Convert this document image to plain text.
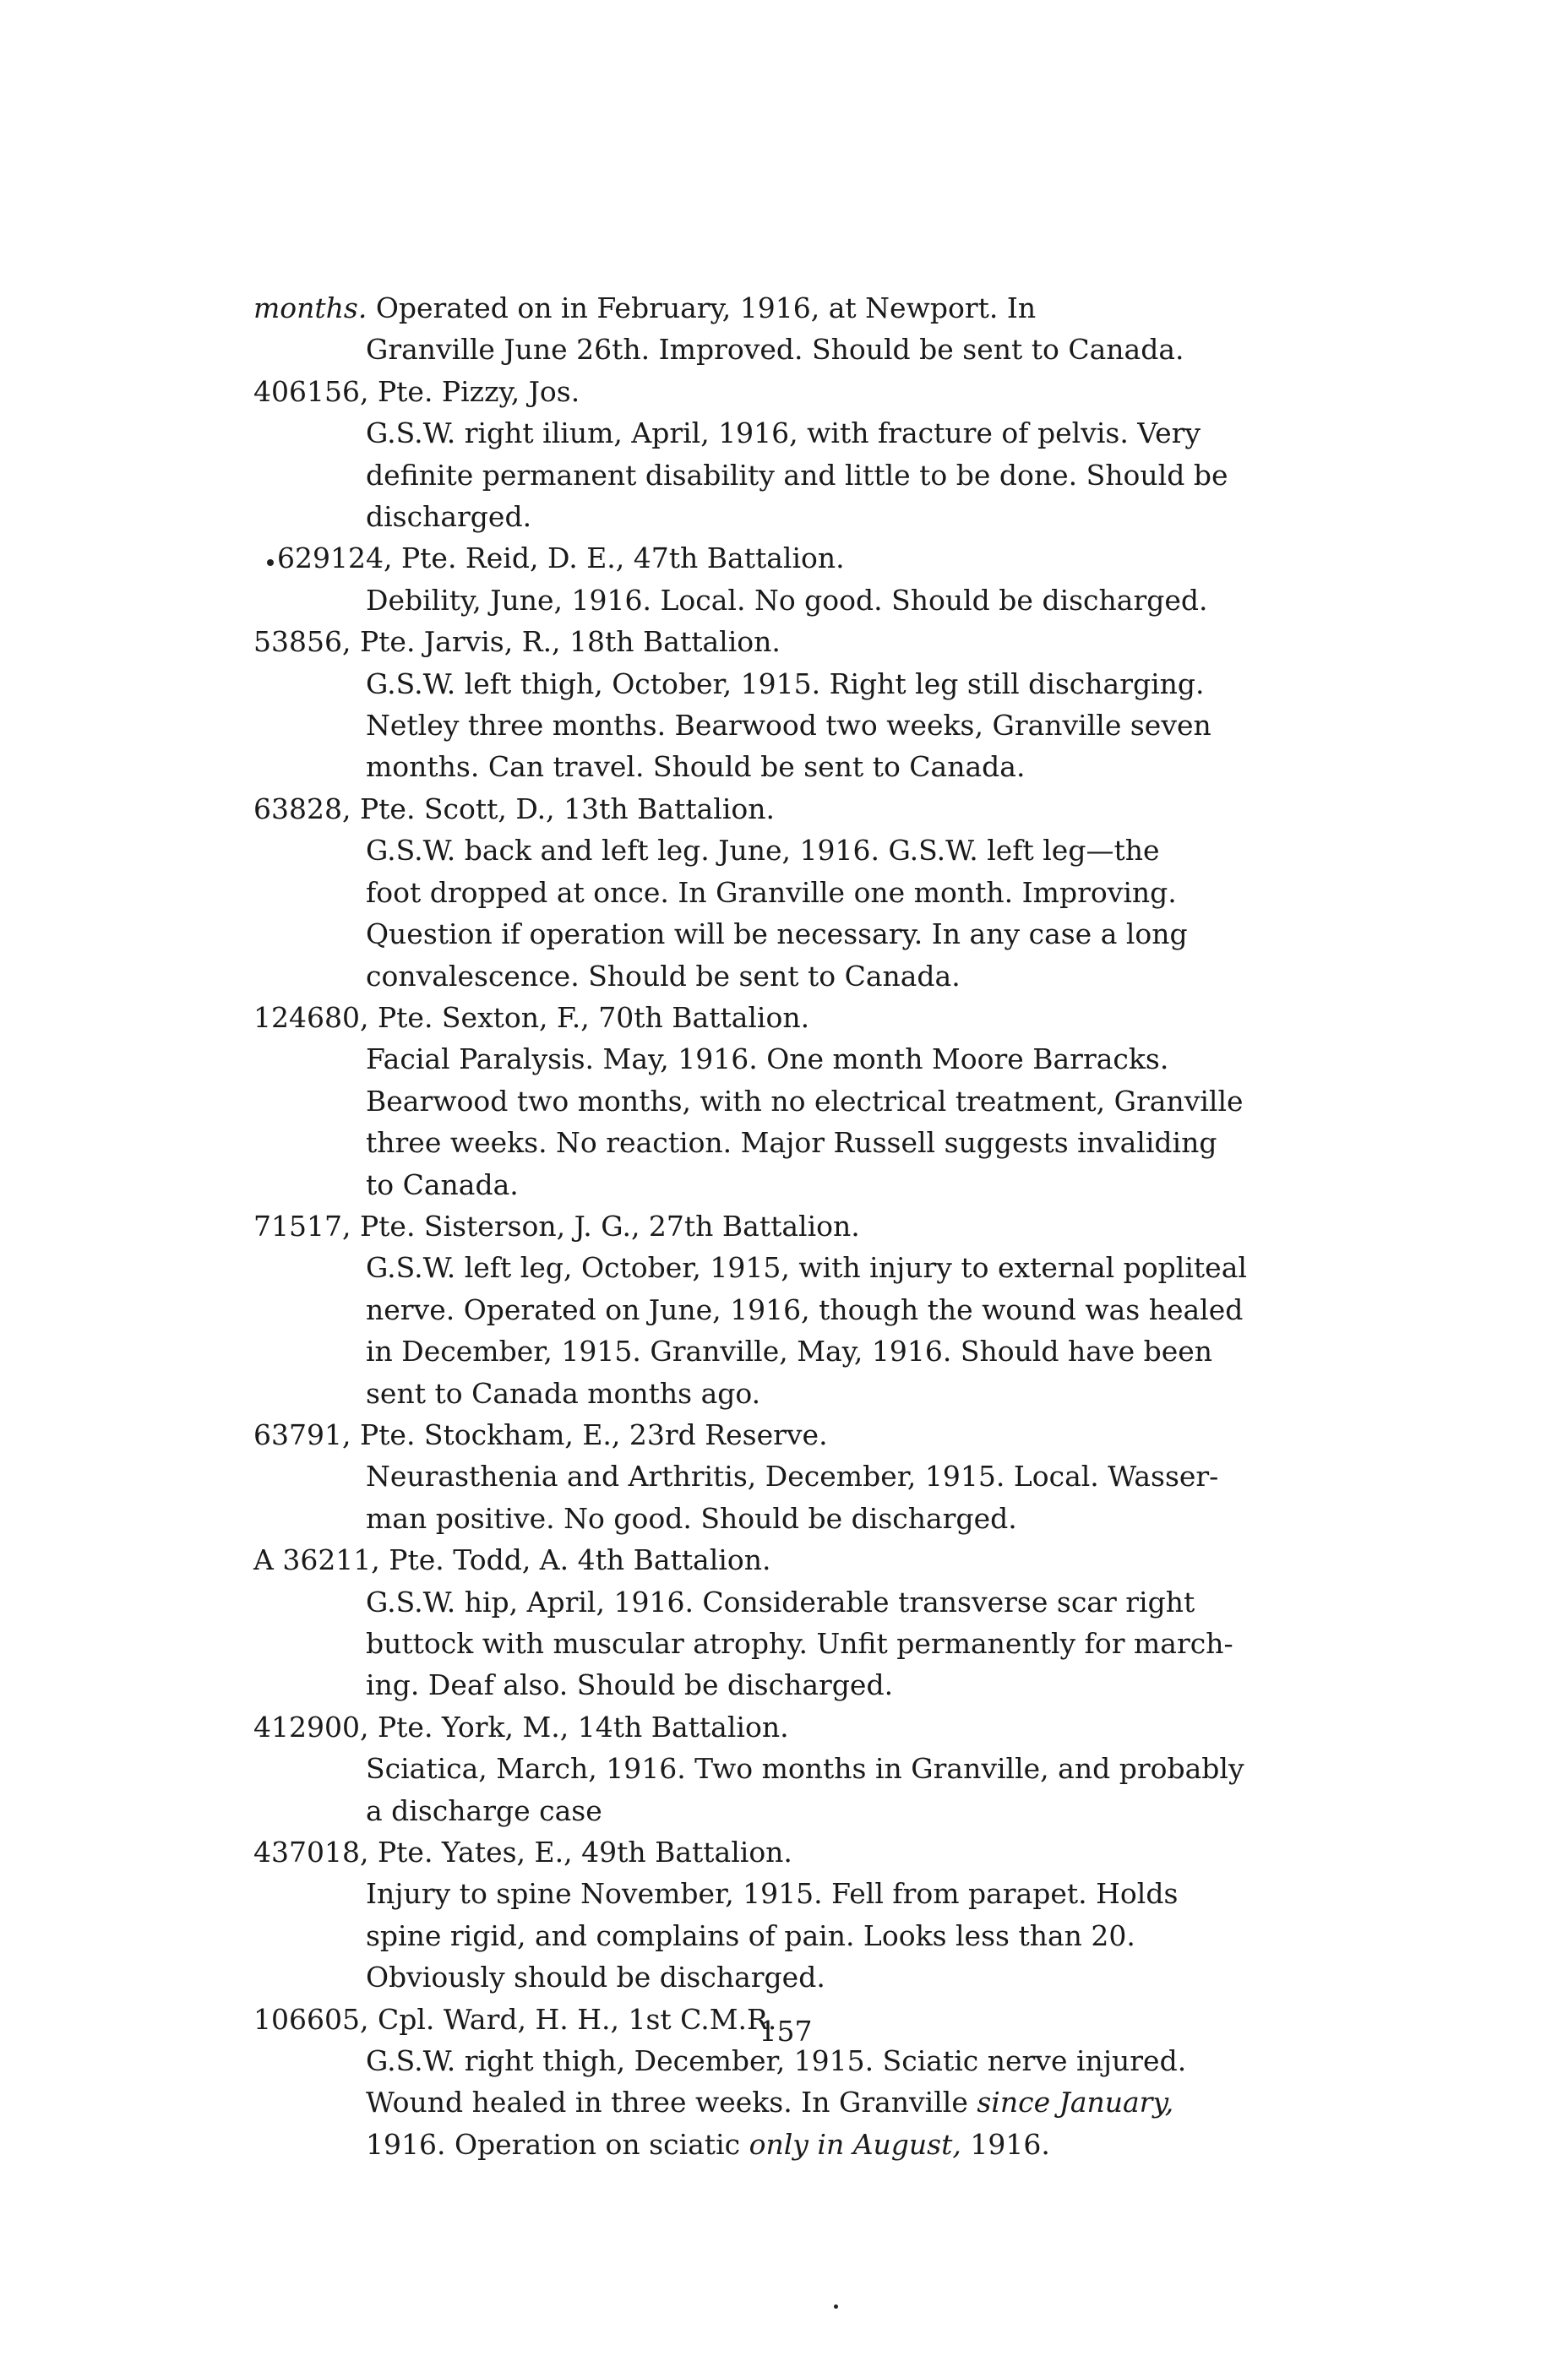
months. Operated on in February, 1916, at Newport. In
Granville June 26th. Improved. Should be sent to Canada.
406156, Pte. Pizzy, Jos.
G.S.W. right ilium, April, 1916, with fracture of pelvis. Very
definite permanent disability and little to be done. Should be
discharged.
629124, Pte. Reid, D. E., 47th Battalion.
Debility, June, 1916. Local. No good. Should be discharged.
53856, Pte. Jarvis, R., 18th Battalion.
G.S.W. left thigh, October, 1915. Right leg still discharging.
Netley three months. Bearwood two weeks, Granville seven
months. Can travel. Should be sent to Canada.
63828, Pte. Scott, D., 13th Battalion.
G.S.W. back and left leg. June, 1916. G.S.W. left leg—the
foot dropped at once. In Granville one month. Improving.
Question if operation will be necessary. In any case a long
convalescence. Should be sent to Canada.
124680, Pte. Sexton, F., 70th Battalion.
Facial Paralysis. May, 1916. One month Moore Barracks.
Bearwood two months, with no electrical treatment, Granville
three weeks. No reaction. Major Russell suggests invaliding
to Canada.
71517, Pte. Sisterson, J. G., 27th Battalion.
G.S.W. left leg, October, 1915, with injury to external popliteal
nerve. Operated on June, 1916, though the wound was healed
in December, 1915. Granville, May, 1916. Should have been
sent to Canada months ago.
63791, Pte. Stockham, E., 23rd Reserve.
Neurasthenia and Arthritis, December, 1915. Local. Wasser-
man positive. No good. Should be discharged.
A 36211, Pte. Todd, A. 4th Battalion.
G.S.W. hip, April, 1916. Considerable transverse scar right
buttock with muscular atrophy. Unfit permanently for march-
ing. Deaf also. Should be discharged.
412900, Pte. York, M., 14th Battalion.
Sciatica, March, 1916. Two months in Granville, and probably
a discharge case
437018, Pte. Yates, E., 49th Battalion.
Injury to spine November, 1915. Fell from parapet. Holds
spine rigid, and complains of pain. Looks less than 20.
Obviously should be discharged.
106605, Cpl. Ward, H. H., 1st C.M.R.
G.S.W. right thigh, December, 1915. Sciatic nerve injured.
Wound healed in three weeks. In Granville since January,
1916. Operation on sciatic only in August, 1916.
157
